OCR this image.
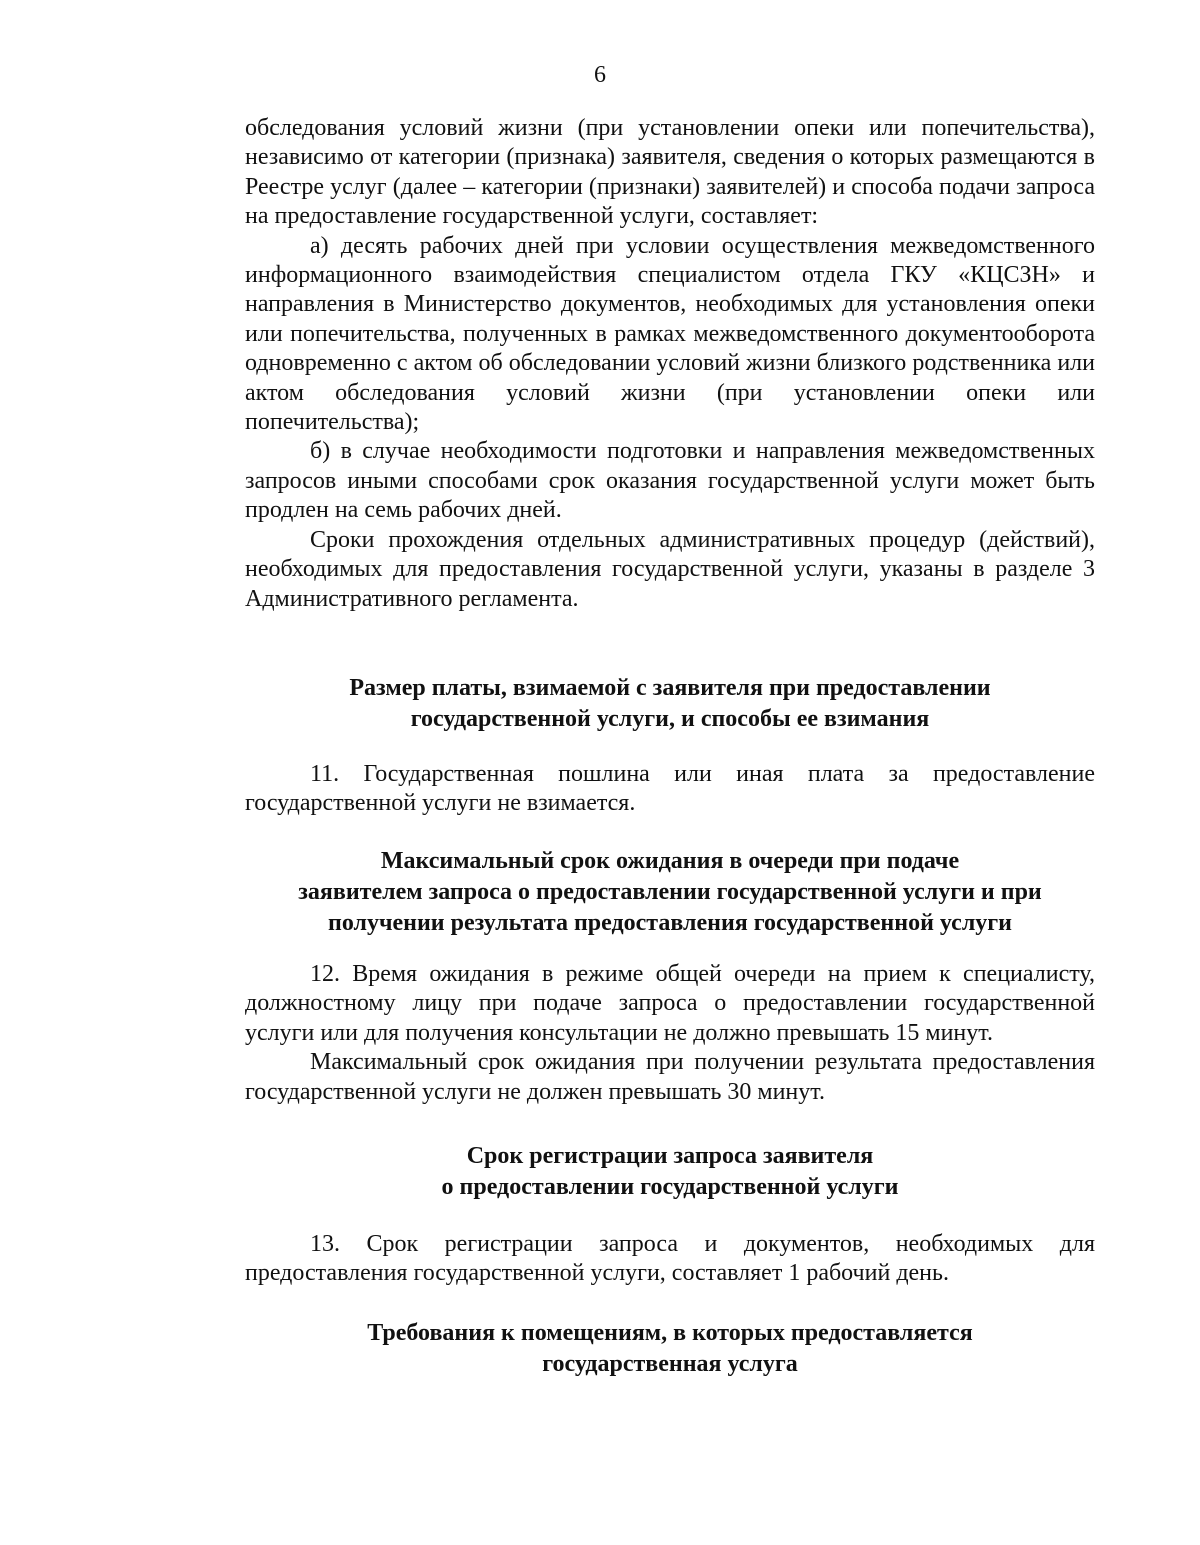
6

обследования условий жизни (при установлении опеки или попечительства), независимо от категории (признака) заявителя, сведения о которых размещаются в Реестре услуг (далее – категории (признаки) заявителей) и способа подачи запроса на предоставление государственной услуги, составляет:

а) десять рабочих дней при условии осуществления межведомственного информационного взаимодействия специалистом отдела ГКУ «КЦСЗН» и направления в Министерство документов, необходимых для установления опеки или попечительства, полученных в рамках межведомственного документооборота одновременно с актом об обследовании условий жизни близкого родственника или актом обследования условий жизни (при установлении опеки или попечительства);

б) в случае необходимости подготовки и направления межведомственных запросов иными способами срок оказания государственной услуги может быть продлен на семь рабочих дней.

Сроки прохождения отдельных административных процедур (действий), необходимых для предоставления государственной услуги, указаны в разделе 3 Административного регламента.

Размер платы, взимаемой с заявителя при предоставлении
государственной услуги, и способы ее взимания

11. Государственная пошлина или иная плата за предоставление государственной услуги не взимается.

Максимальный срок ожидания в очереди при подаче
заявителем запроса о предоставлении государственной услуги и при
получении результата предоставления государственной услуги

12. Время ожидания в режиме общей очереди на прием к специалисту, должностному лицу при подаче запроса о предоставлении государственной услуги или для получения консультации не должно превышать 15 минут.

Максимальный срок ожидания при получении результата предоставления государственной услуги не должен превышать 30 минут.

Срок регистрации запроса заявителя
о предоставлении государственной услуги

13. Срок регистрации запроса и документов, необходимых для предоставления государственной услуги, составляет 1 рабочий день.

Требования к помещениям, в которых предоставляется
государственная услуга
